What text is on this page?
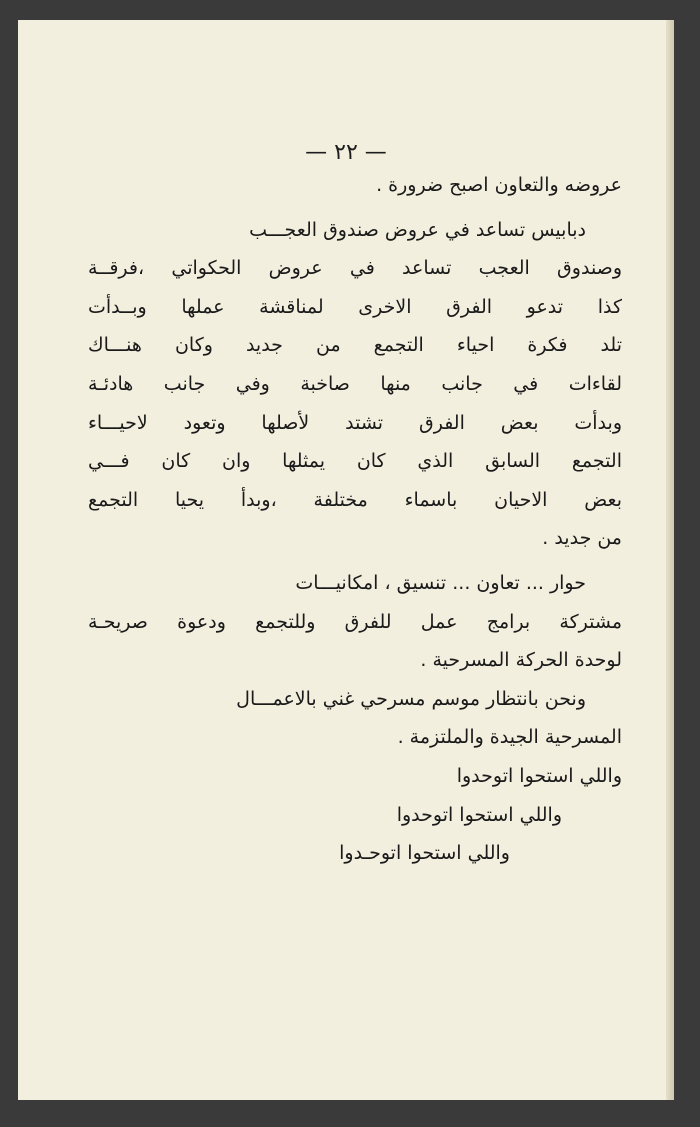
— ٢٢ —
عروضه والتعاون اصبح ضرورة .
دبابيس تساعد في عروض صندوق العجـــب
وصندوق العجب تساعد في عروض الحكواتي ،فرقــة
كذا تدعو الفرق الاخرى لمناقشة عملها وبــدأت
تلد فكرة احياء التجمع من جديد وكان هنـــاك
لقاءات في جانب منها صاخبة وفي جانب هادئـة
وبدأت بعض الفرق تشتد لأصلها وتعود لاحيـــاء
التجمع السابق الذي كان يمثلها وان كان فـــي
بعض الاحيان باسماء مختلفة ،وبدأ يحيا التجمع
من جديد .
حوار ... تعاون ... تنسيق ، امكانيـــات
مشتركة برامج عمل للفرق وللتجمع ودعوة صريحـة
لوحدة الحركة المسرحية .
ونحن بانتظار موسم مسرحي غني بالاعمـــال
المسرحية الجيدة والملتزمة .
واللي استحوا اتوحدوا
واللي استحوا اتوحدوا
واللي استحوا اتوحـدوا
